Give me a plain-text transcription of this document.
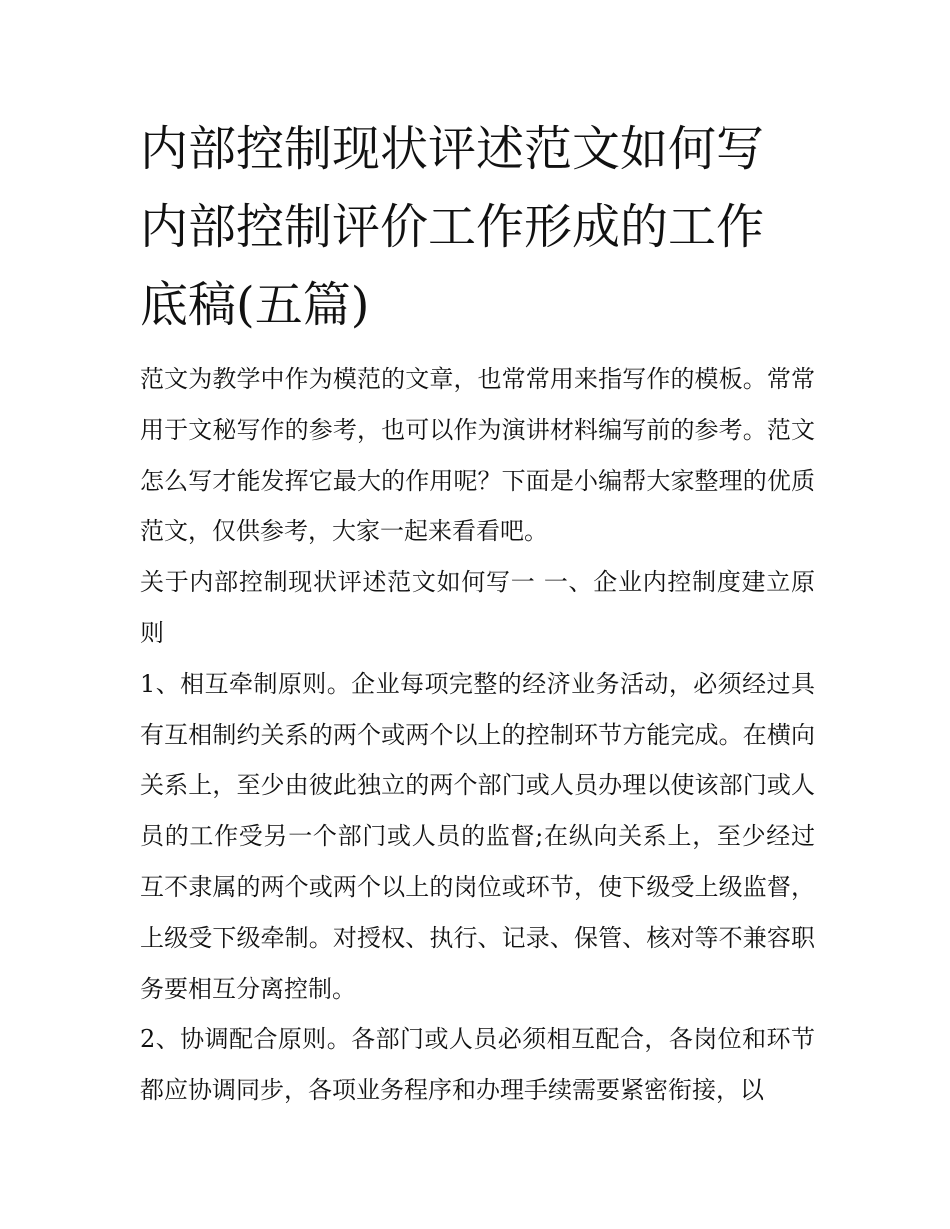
内部控制现状评述范文如何写
内部控制评价工作形成的工作
底稿(五篇)

范文为教学中作为模范的文章，也常常用来指写作的模板。常常用于文秘写作的参考，也可以作为演讲材料编写前的参考。范文怎么写才能发挥它最大的作用呢？下面是小编帮大家整理的优质范文，仅供参考，大家一起来看看吧。

关于内部控制现状评述范文如何写一 一、企业内控制度建立原则

1、相互牵制原则。企业每项完整的经济业务活动，必须经过具有互相制约关系的两个或两个以上的控制环节方能完成。在横向关系上，至少由彼此独立的两个部门或人员办理以使该部门或人员的工作受另一个部门或人员的监督;在纵向关系上，至少经过互不隶属的两个或两个以上的岗位或环节，使下级受上级监督，上级受下级牵制。对授权、执行、记录、保管、核对等不兼容职务要相互分离控制。

2、协调配合原则。各部门或人员必须相互配合，各岗位和环节都应协调同步，各项业务程序和办理手续需要紧密衔接，以
